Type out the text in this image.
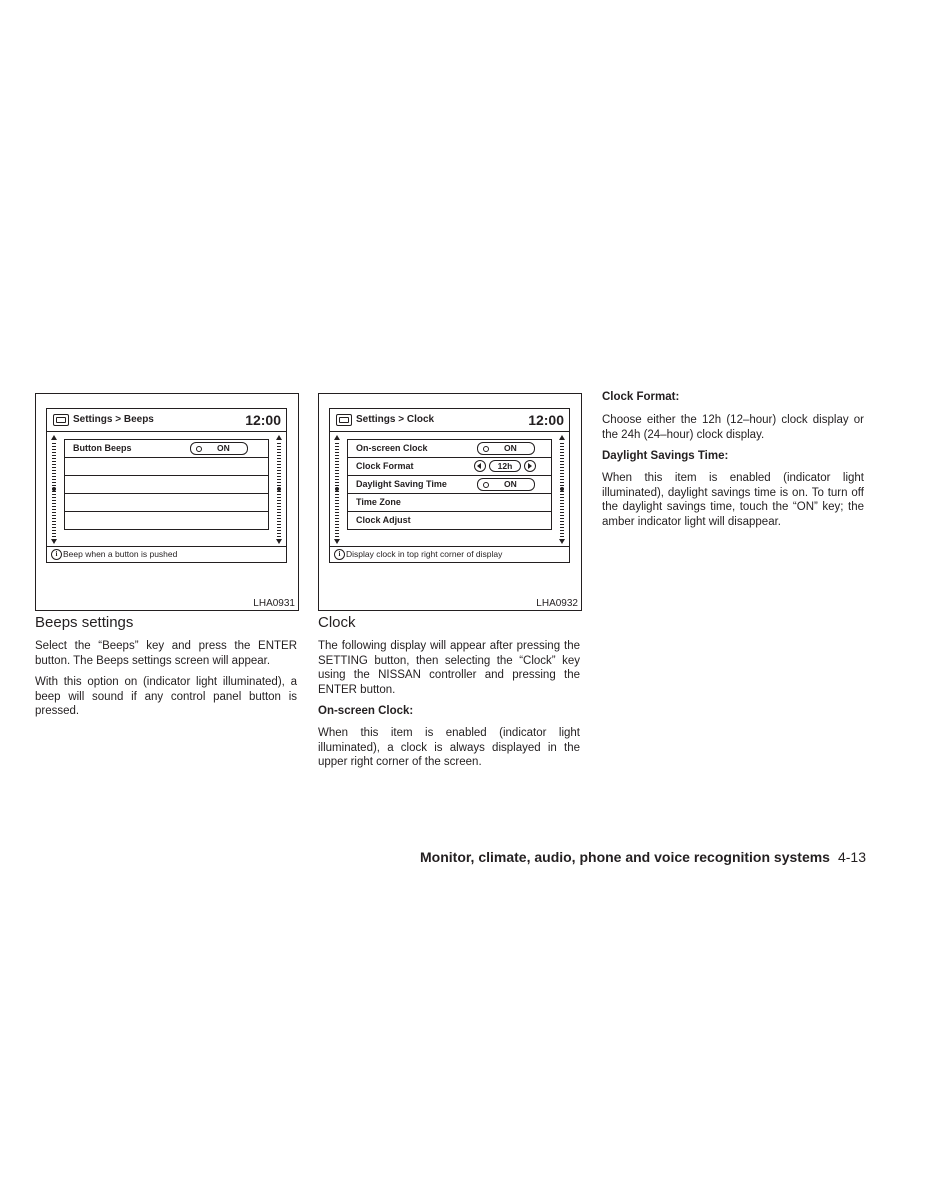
Settings > Beeps	12:00
Button Beeps	ON
i Beep when a button is pushed
LHA0931
Beeps settings

Select the “Beeps” key and press the ENTER button. The Beeps settings screen will appear.

With this option on (indicator light illuminated), a beep will sound if any control panel button is pressed.

Settings > Clock	12:00
On-screen Clock	ON
Clock Format	12h
Daylight Saving Time	ON
Time Zone
Clock Adjust
i Display clock in top right corner of display
LHA0932
Clock

The following display will appear after pressing the SETTING button, then selecting the “Clock” key using the NISSAN controller and pressing the ENTER button.

On-screen Clock:

When this item is enabled (indicator light illuminated), a clock is always displayed in the upper right corner of the screen.

Clock Format:

Choose either the 12h (12–hour) clock display or the 24h (24–hour) clock display.

Daylight Savings Time:

When this item is enabled (indicator light illuminated), daylight savings time is on. To turn off the daylight savings time, touch the “ON” key; the amber indicator light will disappear.

Monitor, climate, audio, phone and voice recognition systems 4-13
